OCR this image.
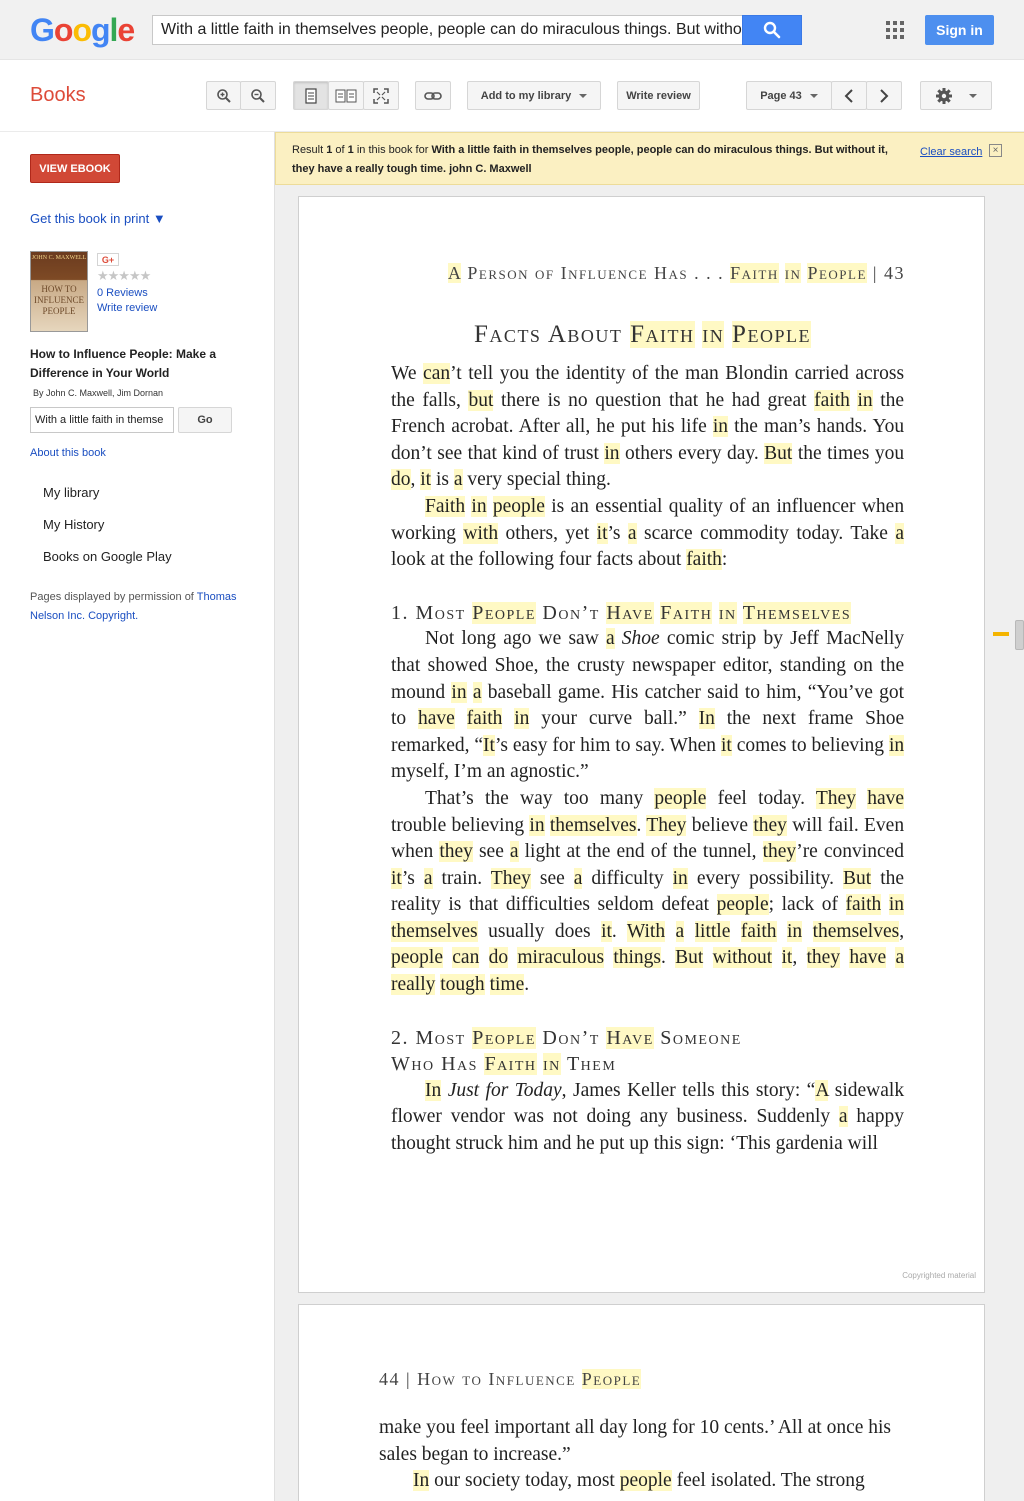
Google	With a little faith in themselves people, people can do miraculous things. But witho	Sign in
Books	Add to my library	Write review	Page 43
VIEW EBOOK
Get this book in print ▼
JOHN C. MAXWELL
HOW TO INFLUENCE PEOPLE
G+
★★★★★
0 Reviews
Write review
How to Influence People: Make a Difference in Your World
By John C. Maxwell, Jim Dornan
With a little faith in themse	Go
About this book
My library
My History
Books on Google Play
Pages displayed by permission of Thomas Nelson Inc. Copyright.
Result 1 of 1 in this book for With a little faith in themselves people, people can do miraculous things. But without it, they have a really tough time. john C. Maxwell
Clear search	×
A Person of Influence Has . . . Faith in People | 43
Facts About Faith in People

We can’t tell you the identity of the man Blondin carried across the falls, but there is no question that he had great faith in the French acrobat. After all, he put his life in the man’s hands. You don’t see that kind of trust in others every day. But the times you do, it is a very special thing.

Faith in people is an essential quality of an influencer when working with others, yet it’s a scarce commodity today. Take a look at the following four facts about faith:

1. Most People Don’t Have Faith in Themselves

Not long ago we saw a Shoe comic strip by Jeff MacNelly that showed Shoe, the crusty newspaper editor, standing on the mound in a baseball game. His catcher said to him, “You’ve got to have faith in your curve ball.” In the next frame Shoe remarked, “It’s easy for him to say. When it comes to believing in myself, I’m an agnostic.”

That’s the way too many people feel today. They have trouble believing in themselves. They believe they will fail. Even when they see a light at the end of the tunnel, they’re convinced it’s a train. They see a difficulty in every possibility. But the reality is that difficulties seldom defeat people; lack of faith in themselves usually does it. With a little faith in themselves, people can do miraculous things. But without it, they have a really tough time.

2. Most People Don’t Have Someone
Who Has Faith in Them

In Just for Today, James Keller tells this story: “A sidewalk flower vendor was not doing any business. Suddenly a happy thought struck him and he put up this sign: ‘This gardenia will

Copyrighted material
44 | How to Influence People

make you feel important all day long for 10 cents.’ All at once his sales began to increase.”

In our society today, most people feel isolated. The strong
